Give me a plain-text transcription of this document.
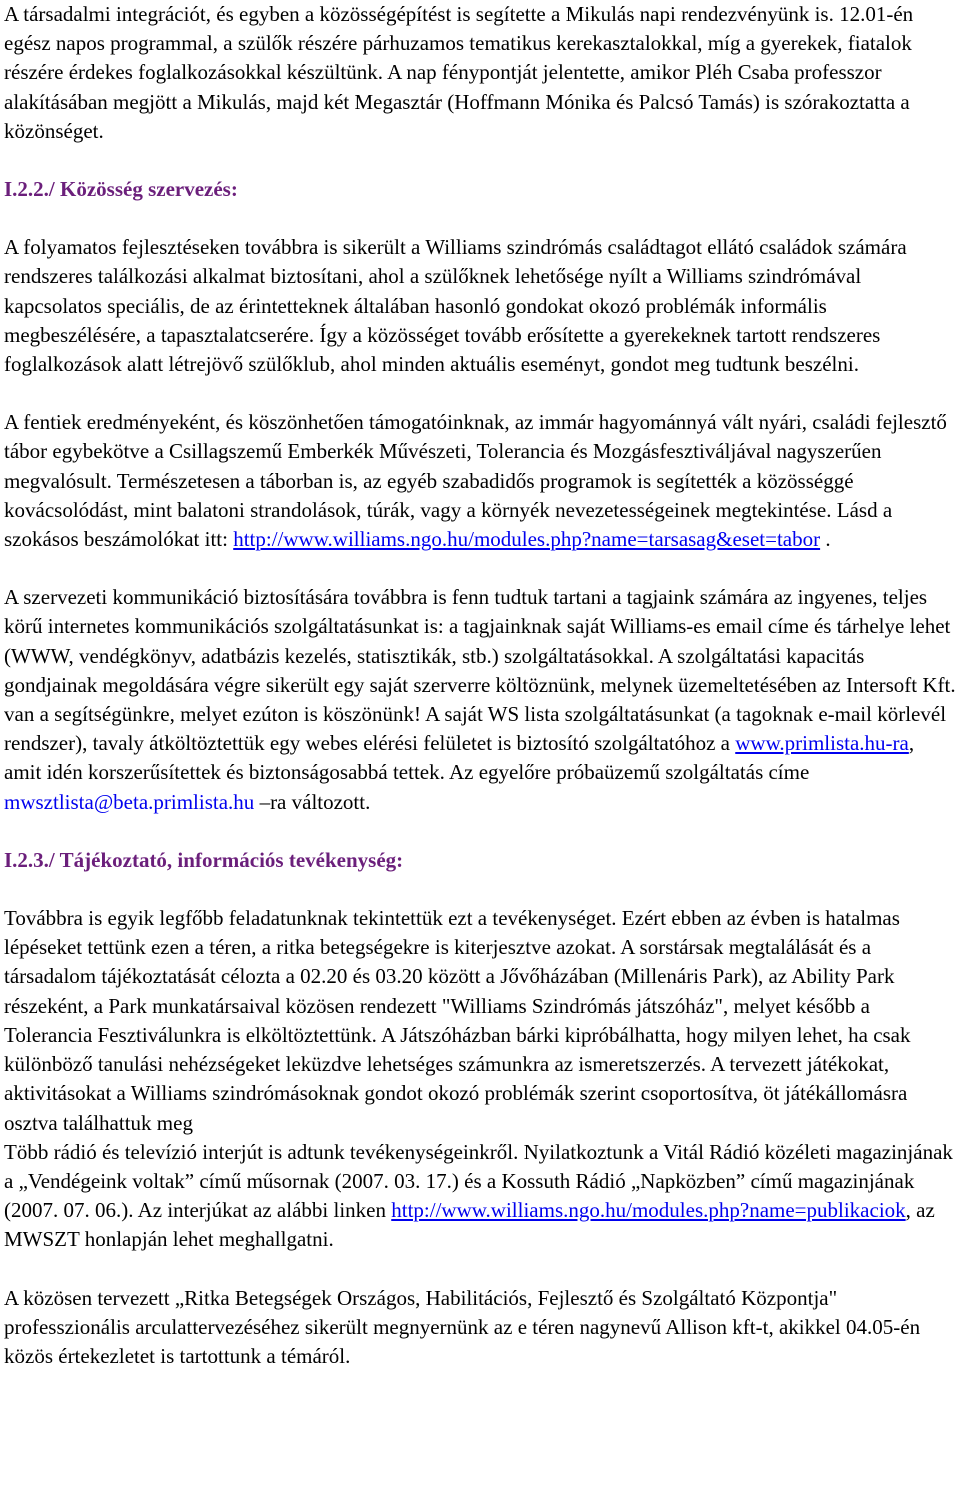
A társadalmi integrációt, és egyben a közösségépítést is segítette a Mikulás napi rendezvényünk is. 12.01-én egész napos programmal, a szülők részére párhuzamos tematikus kerekasztalokkal, míg a gyerekek, fiatalok részére érdekes foglalkozásokkal készültünk. A nap fénypontját jelentette, amikor Pléh Csaba professzor alakításában megjött a Mikulás, majd két Megasztár (Hoffmann Mónika és Palcsó Tamás) is szórakoztatta a közönséget.

I.2.2./ Közösség szervezés:

A folyamatos fejlesztéseken továbbra is sikerült a Williams szindrómás családtagot ellátó családok számára rendszeres találkozási alkalmat biztosítani, ahol a szülőknek lehetősége nyílt a Williams szindrómával kapcsolatos speciális, de az érintetteknek általában hasonló gondokat okozó problémák informális megbeszélésére, a tapasztalatcserére. Így a közösséget tovább erősítette a gyerekeknek tartott rendszeres foglalkozások alatt létrejövő szülőklub, ahol minden aktuális eseményt, gondot meg tudtunk beszélni.

A fentiek eredményeként, és köszönhetően támogatóinknak, az immár hagyománnyá vált nyári, családi fejlesztő tábor egybekötve a Csillagszemű Emberkék Művészeti, Tolerancia és Mozgásfesztiváljával nagyszerűen megvalósult. Természetesen a táborban is, az egyéb szabadidős programok is segítették a közösséggé kovácsolódást, mint balatoni strandolások, túrák, vagy a környék nevezetességeinek megtekintése. Lásd a szokásos beszámolókat itt: http://www.williams.ngo.hu/modules.php?name=tarsasag&eset=tabor .

A szervezeti kommunikáció biztosítására továbbra is fenn tudtuk tartani a tagjaink számára az ingyenes, teljes körű internetes kommunikációs szolgáltatásunkat is: a tagjainknak saját Williams-es email címe és tárhelye lehet (WWW, vendégkönyv, adatbázis kezelés, statisztikák, stb.) szolgáltatásokkal. A szolgáltatási kapacitás gondjainak megoldására végre sikerült egy saját szerverre költöznünk, melynek üzemeltetésében az Intersoft Kft. van a segítségünkre, melyet ezúton is köszönünk! A saját WS lista szolgáltatásunkat (a tagoknak e-mail körlevél rendszer), tavaly átköltöztettük egy webes elérési felületet is biztosító szolgáltatóhoz a www.primlista.hu-ra, amit idén korszerűsítettek és biztonságosabbá tettek. Az egyelőre próbaüzemű szolgáltatás címe mwsztlista@beta.primlista.hu –ra változott.

I.2.3./ Tájékoztató, információs tevékenység:

Továbbra is egyik legfőbb feladatunknak tekintettük ezt a tevékenységet. Ezért ebben az évben is hatalmas lépéseket tettünk ezen a téren, a ritka betegségekre is kiterjesztve azokat. A sorstársak megtalálását és a társadalom tájékoztatását célozta a 02.20 és 03.20 között a Jővőházában (Millenáris Park), az Ability Park részeként, a Park munkatársaival közösen rendezett "Williams Szindrómás játszóház", melyet később a Tolerancia Fesztiválunkra is elköltöztettünk. A Játszóházban bárki kipróbálhatta, hogy milyen lehet, ha csak különböző tanulási nehézségeket leküzdve lehetséges számunkra az ismeretszerzés. A tervezett játékokat, aktivitásokat a Williams szindrómásoknak gondot okozó problémák szerint csoportosítva, öt játékállomásra osztva találhattuk meg

Több rádió és televízió interjút is adtunk tevékenységeinkről. Nyilatkoztunk a Vitál Rádió közéleti magazinjának a „Vendégeink voltak” című műsornak (2007. 03. 17.) és a Kossuth Rádió „Napközben” című magazinjának (2007. 07. 06.). Az interjúkat az alábbi linken http://www.williams.ngo.hu/modules.php?name=publikaciok, az MWSZT honlapján lehet meghallgatni.

A közösen tervezett „Ritka Betegségek Országos, Habilitációs, Fejlesztő és Szolgáltató Központja" professzionális arculattervezéséhez sikerült megnyernünk az e téren nagynevű Allison kft-t, akikkel 04.05-én közös értekezletet is tartottunk a témáról.
